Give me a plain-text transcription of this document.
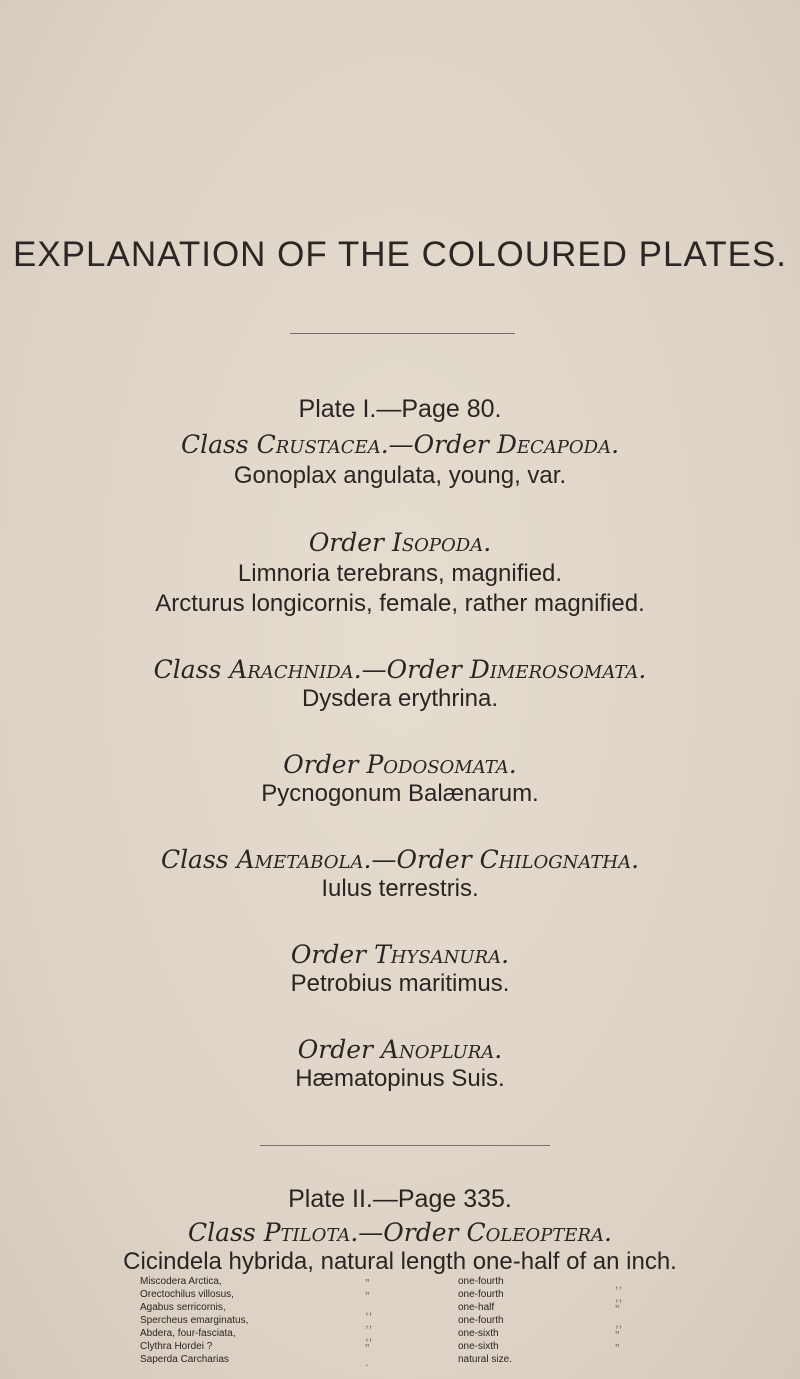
EXPLANATION OF THE COLOURED PLATES.
Plate I.—Page 80.
Class Crustacea.—Order Decapoda.
Gonoplax angulata, young, var.
Order Isopoda.
Limnoria terebrans, magnified.
Arcturus longicornis, female, rather magnified.
Class Arachnida.—Order Dimerosomata.
Dysdera erythrina.
Order Podosomata.
Pycnogonum Balænarum.
Class Ametabola.—Order Chilognatha.
Iulus terrestris.
Order Thysanura.
Petrobius maritimus.
Order Anoplura.
Hæmatopinus Suis.
Plate II.—Page 335.
Class Ptilota.—Order Coleoptera.
Cicindela hybrida, natural length one-half of an inch.
Miscodera Arctica,	”	one-fourth	,,
Orectochilus villosus,	”	one-fourth	,,
Agabus serricornis,	,,	one-half	”
Spercheus emarginatus,	,,	one-fourth	,,
Abdera, four-fasciata,	,,	one-sixth	”
Clythra Hordei ?	”	one-sixth	”
Saperda Carcharias	.	natural size.
